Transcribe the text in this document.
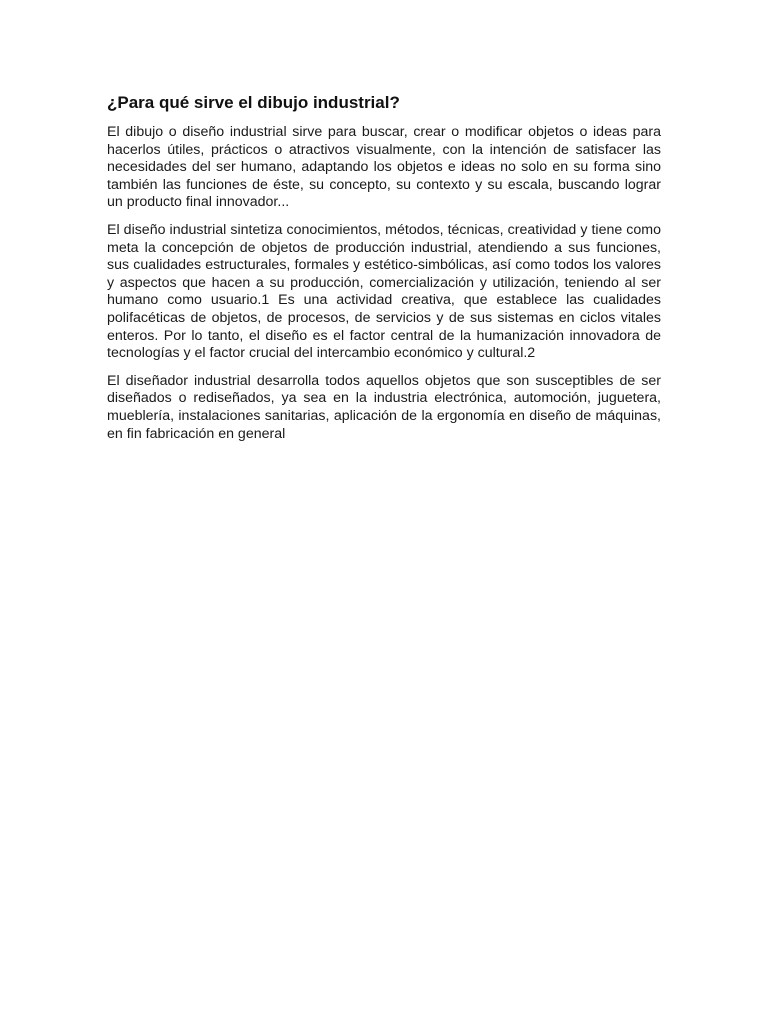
¿Para qué sirve el dibujo industrial?

El dibujo o diseño industrial sirve para buscar, crear o modificar objetos o ideas para hacerlos útiles, prácticos o atractivos visualmente, con la intención de satisfacer las necesidades del ser humano, adaptando los objetos e ideas no solo en su forma sino también las funciones de éste, su concepto, su contexto y su escala, buscando lograr un producto final innovador...

El diseño industrial sintetiza conocimientos, métodos, técnicas, creatividad y tiene como meta la concepción de objetos de producción industrial, atendiendo a sus funciones, sus cualidades estructurales, formales y estético-simbólicas, así como todos los valores y aspectos que hacen a su producción, comercialización y utilización, teniendo al ser humano como usuario.1 Es una actividad creativa, que establece las cualidades polifacéticas de objetos, de procesos, de servicios y de sus sistemas en ciclos vitales enteros. Por lo tanto, el diseño es el factor central de la humanización innovadora de tecnologías y el factor crucial del intercambio económico y cultural.2

El diseñador industrial desarrolla todos aquellos objetos que son susceptibles de ser diseñados o rediseñados, ya sea en la industria electrónica, automoción, juguetera, mueblería, instalaciones sanitarias, aplicación de la ergonomía en diseño de máquinas, en fin fabricación en general
